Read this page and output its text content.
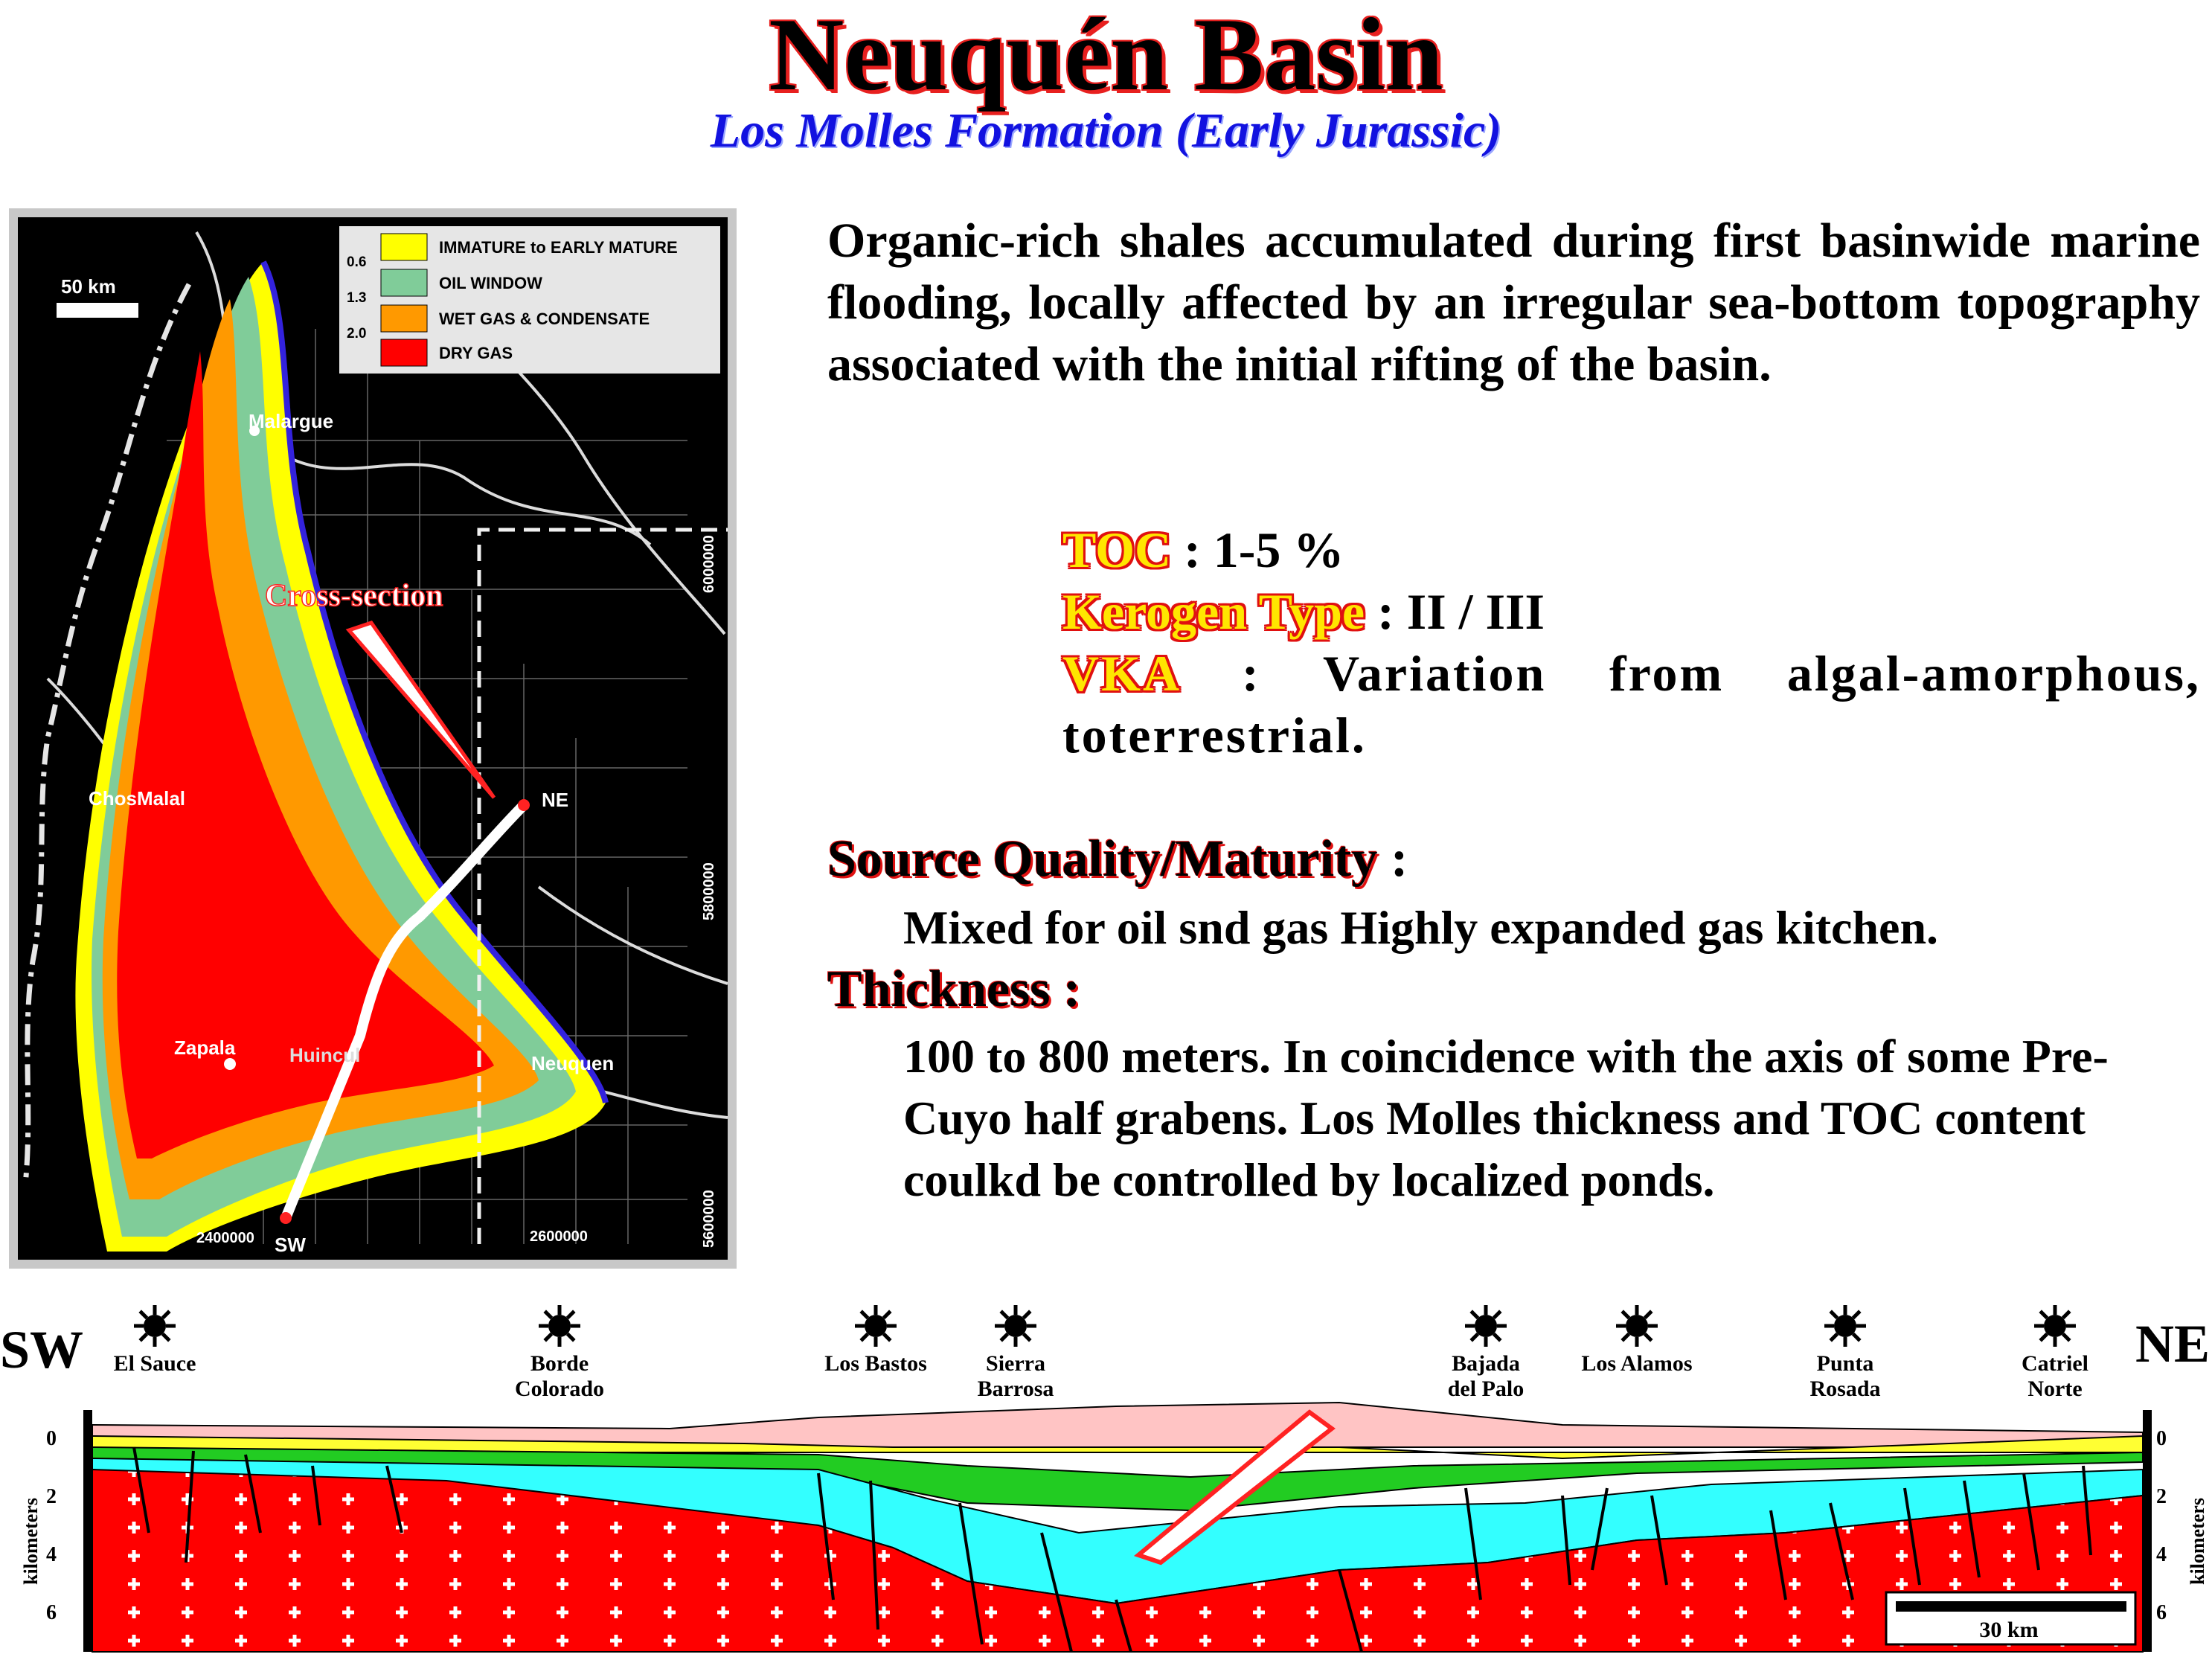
Neuquén Basin
Los Molles Formation (Early Jurassic)
Organic-rich shales accumulated during first basinwide marine flooding, locally affected by an irregular sea-bottom topography associated with the initial rifting of the basin.
TOC : 1-5 %
Kerogen Type : II / III
VKA : Variation from algal-amorphous, toterrestrial.
Source Quality/Maturity :
Mixed for oil snd gas Highly expanded gas kitchen.
Thickness :
100 to 800 meters. In coincidence with the axis of some Pre-Cuyo half grabens. Los Molles thickness and TOC content coulkd be controlled by localized ponds.
50 km
IMMATURE to EARLY MATURE
OIL WINDOW
WET GAS & CONDENSATE
DRY GAS
0.6
1.3
2.0
Malargue
ChosMalal
Zapala	Huincul	Neuquen
Cross-section
NE
SW
6000000
5800000
5600000
2400000	2600000
SW	NE
0
2
4
6
0
2
4
6
kilometers	kilometers
30 km
El Sauce	Borde
Colorado
Los Bastos	Sierra
Barrosa
Bajada
del Palo
Los Alamos	Punta
Rosada
Catriel
Norte
